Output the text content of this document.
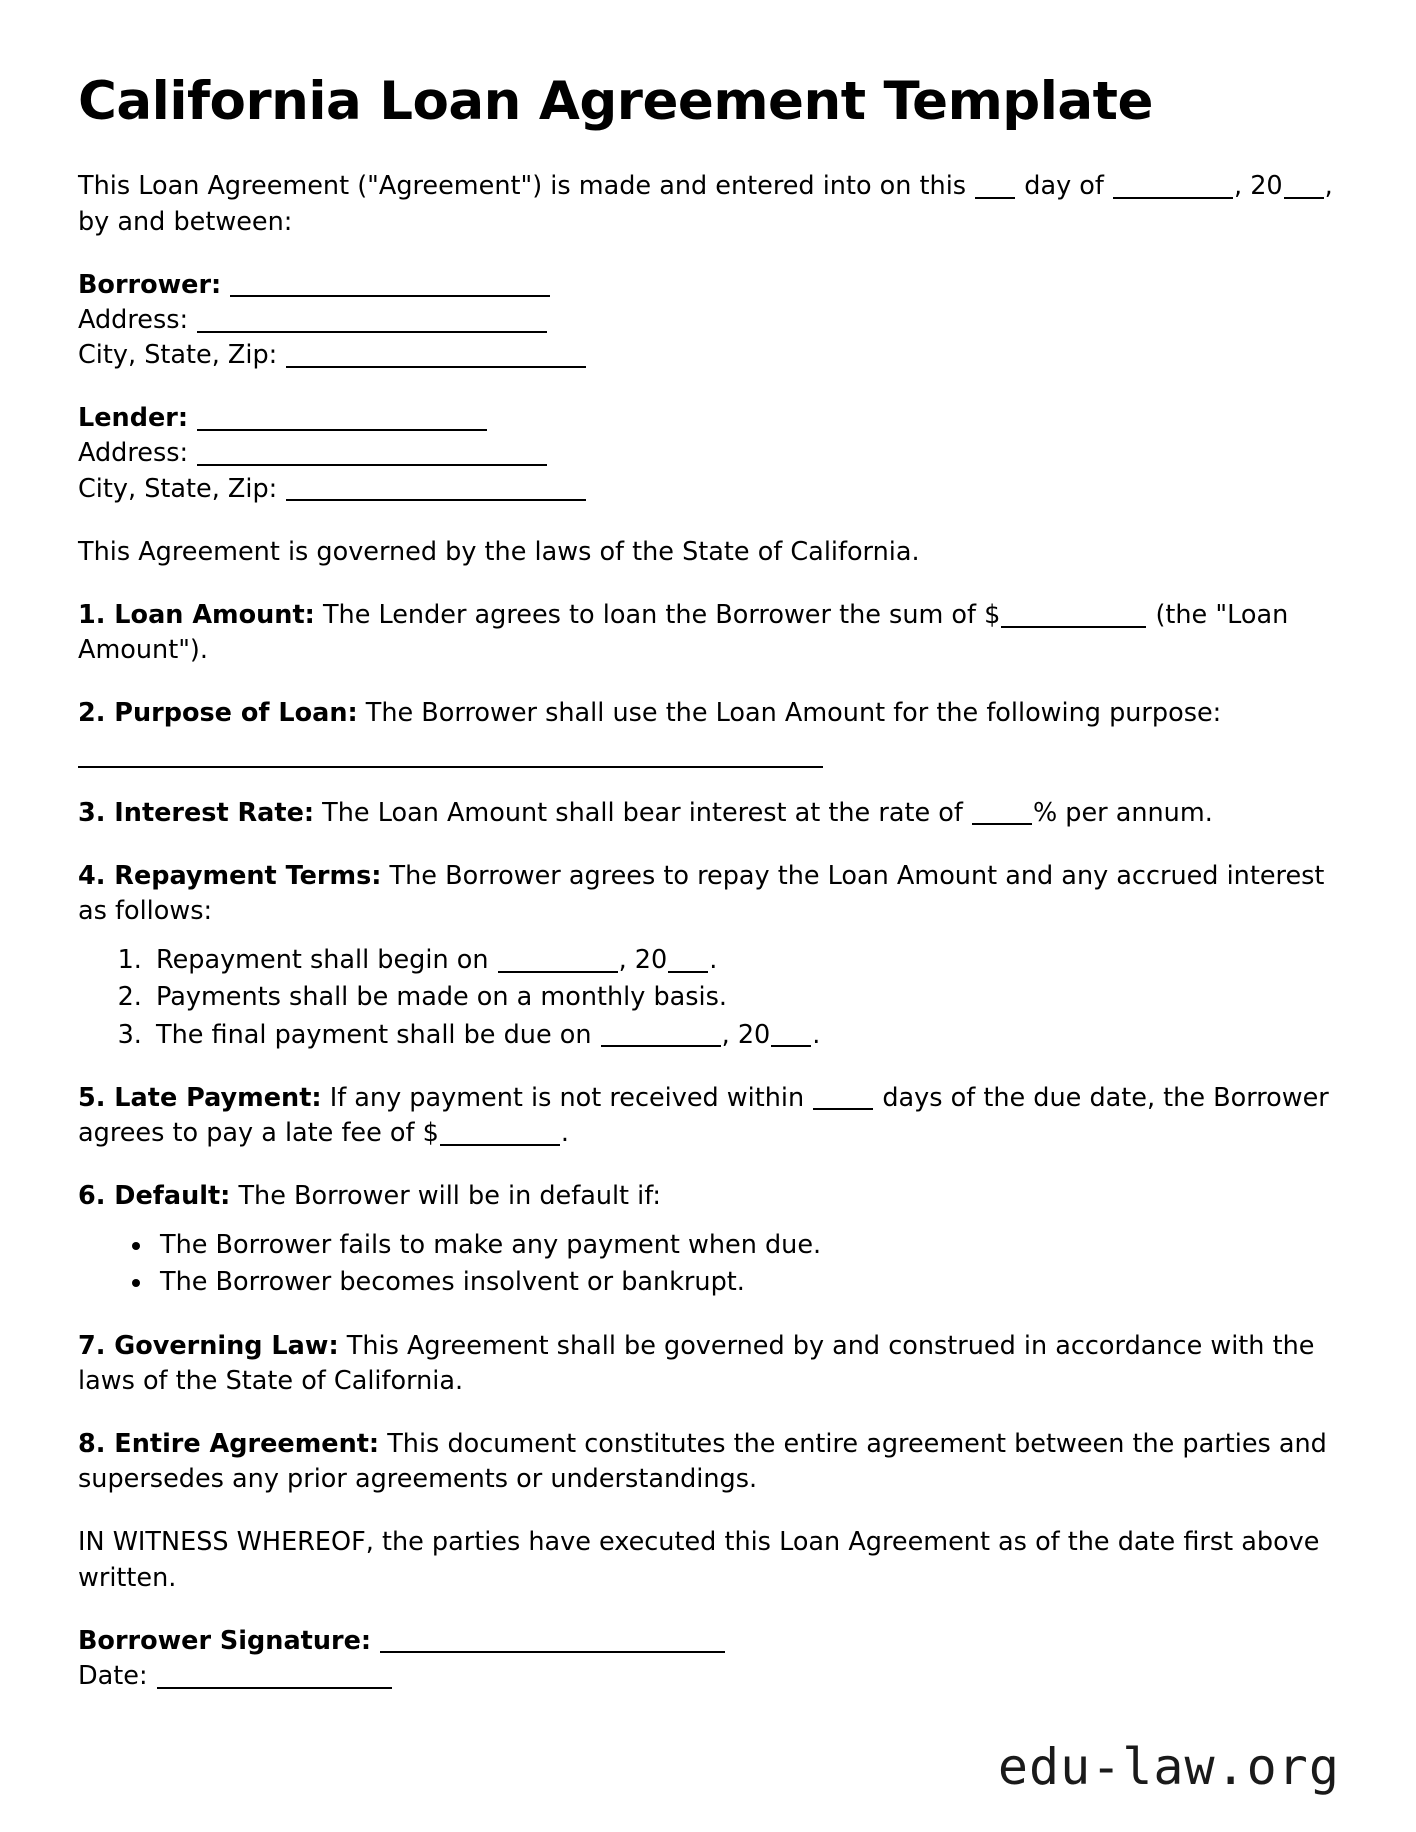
California Loan Agreement Template

This Loan Agreement ("Agreement") is made and entered into on this  day of	, 20 , by and between:

Borrower:
Address:
City, State, Zip:
Lender:
Address:
City, State, Zip:

This Agreement is governed by the laws of the State of California.

1. Loan Amount: The Lender agrees to loan the Borrower the sum of $	(the "Loan Amount").

2. Purpose of Loan: The Borrower shall use the Loan Amount for the following purpose:

3. Interest Rate: The Loan Amount shall bear interest at the rate of % per annum.

4. Repayment Terms: The Borrower agrees to repay the Loan Amount and any accrued interest as follows:

1. Repayment shall begin on	, 20 .
2. Payments shall be made on a monthly basis.
3. The final payment shall be due on	, 20 .

5. Late Payment: If any payment is not received within  days of the due date, the Borrower agrees to pay a late fee of $	.

6. Default: The Borrower will be in default if:

• The Borrower fails to make any payment when due.
• The Borrower becomes insolvent or bankrupt.

7. Governing Law: This Agreement shall be governed by and construed in accordance with the laws of the State of California.

8. Entire Agreement: This document constitutes the entire agreement between the parties and supersedes any prior agreements or understandings.

IN WITNESS WHEREOF, the parties have executed this Loan Agreement as of the date first above written.

Borrower Signature:
Date:
edu-law.org
